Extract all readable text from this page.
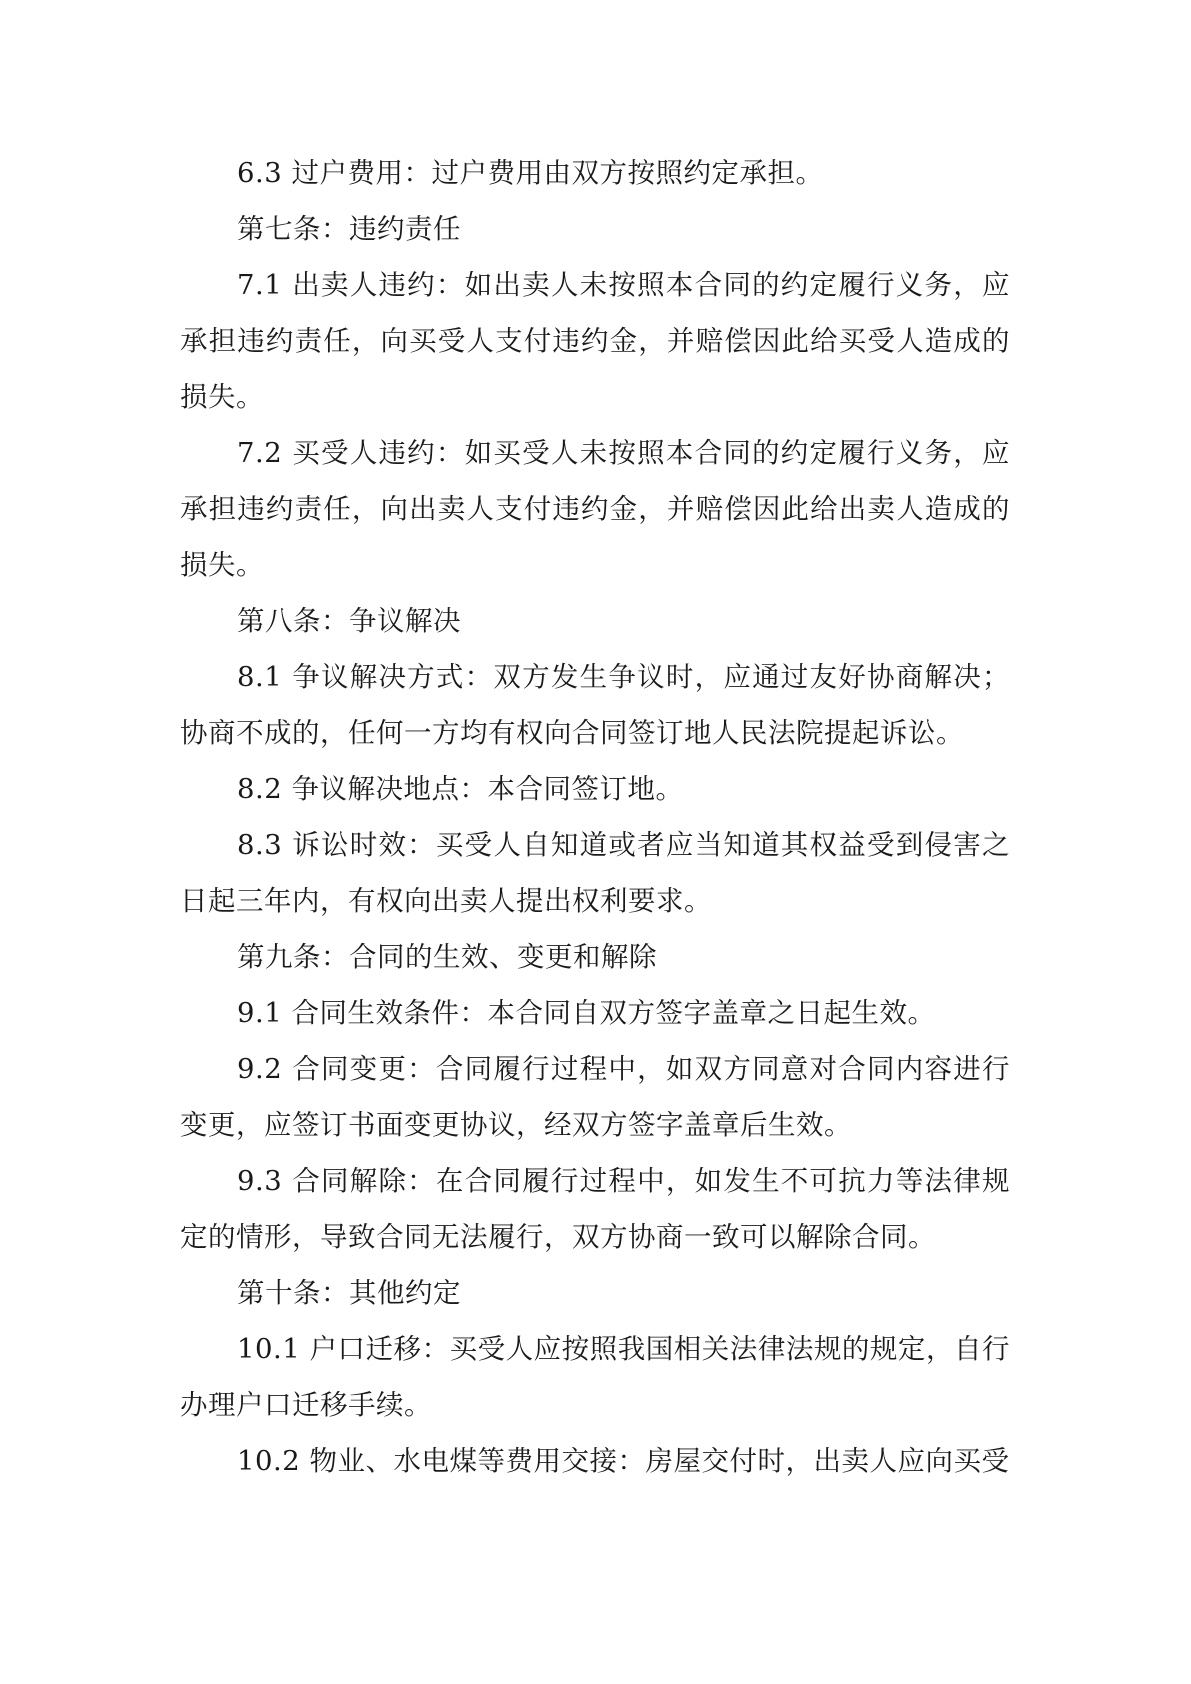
6.3 过户费用：过户费用由双方按照约定承担。

第七条：违约责任

7.1 出卖人违约：如出卖人未按照本合同的约定履行义务，应承担违约责任，向买受人支付违约金，并赔偿因此给买受人造成的损失。

7.2 买受人违约：如买受人未按照本合同的约定履行义务，应承担违约责任，向出卖人支付违约金，并赔偿因此给出卖人造成的损失。

第八条：争议解决

8.1 争议解决方式：双方发生争议时，应通过友好协商解决；协商不成的，任何一方均有权向合同签订地人民法院提起诉讼。

8.2 争议解决地点：本合同签订地。

8.3 诉讼时效：买受人自知道或者应当知道其权益受到侵害之日起三年内，有权向出卖人提出权利要求。

第九条：合同的生效、变更和解除

9.1 合同生效条件：本合同自双方签字盖章之日起生效。

9.2 合同变更：合同履行过程中，如双方同意对合同内容进行变更，应签订书面变更协议，经双方签字盖章后生效。

9.3 合同解除：在合同履行过程中，如发生不可抗力等法律规定的情形，导致合同无法履行，双方协商一致可以解除合同。

第十条：其他约定

10.1 户口迁移：买受人应按照我国相关法律法规的规定，自行办理户口迁移手续。

10.2 物业、水电煤等费用交接：房屋交付时，出卖人应向买受
